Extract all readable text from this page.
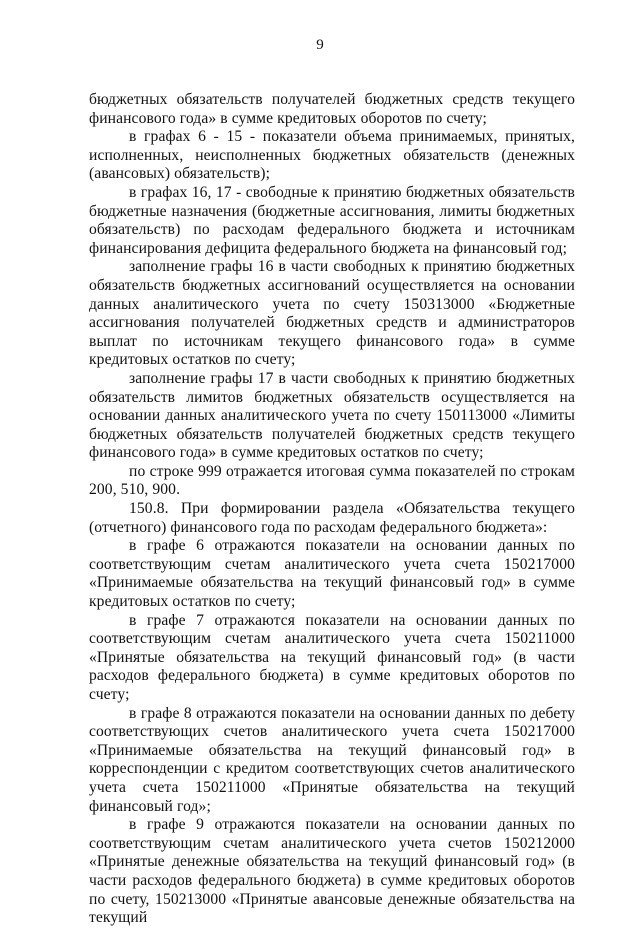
9

бюджетных обязательств получателей бюджетных средств текущего финансового года» в сумме кредитовых оборотов по счету;

в графах 6 - 15 - показатели объема принимаемых, принятых, исполненных, неисполненных бюджетных обязательств (денежных (авансовых) обязательств);

в графах 16, 17 - свободные к принятию бюджетных обязательств бюджетные назначения (бюджетные ассигнования, лимиты бюджетных обязательств) по расходам федерального бюджета и источникам финансирования дефицита федерального бюджета на финансовый год;

заполнение графы 16 в части свободных к принятию бюджетных обязательств бюджетных ассигнований осуществляется на основании данных аналитического учета по счету 150313000 «Бюджетные ассигнования получателей бюджетных средств и администраторов выплат по источникам текущего финансового года» в сумме кредитовых остатков по счету;

заполнение графы 17 в части свободных к принятию бюджетных обязательств лимитов бюджетных обязательств осуществляется на основании данных аналитического учета по счету 150113000 «Лимиты бюджетных обязательств получателей бюджетных средств текущего финансового года» в сумме кредитовых остатков по счету;

по строке 999 отражается итоговая сумма показателей по строкам 200, 510, 900.

150.8. При формировании раздела «Обязательства текущего (отчетного) финансового года по расходам федерального бюджета»:

в графе 6 отражаются показатели на основании данных по соответствующим счетам аналитического учета счета 150217000 «Принимаемые обязательства на текущий финансовый год» в сумме кредитовых остатков по счету;

в графе 7 отражаются показатели на основании данных по соответствующим счетам аналитического учета счета 150211000 «Принятые обязательства на текущий финансовый год» (в части расходов федерального бюджета) в сумме кредитовых оборотов по счету;

в графе 8 отражаются показатели на основании данных по дебету соответствующих счетов аналитического учета счета 150217000 «Принимаемые обязательства на текущий финансовый год» в корреспонденции с кредитом соответствующих счетов аналитического учета счета 150211000 «Принятые обязательства на текущий финансовый год»;

в графе 9 отражаются показатели на основании данных по соответствующим счетам аналитического учета счетов 150212000 «Принятые денежные обязательства на текущий финансовый год» (в части расходов федерального бюджета) в сумме кредитовых оборотов по счету, 150213000 «Принятые авансовые денежные обязательства на текущий
